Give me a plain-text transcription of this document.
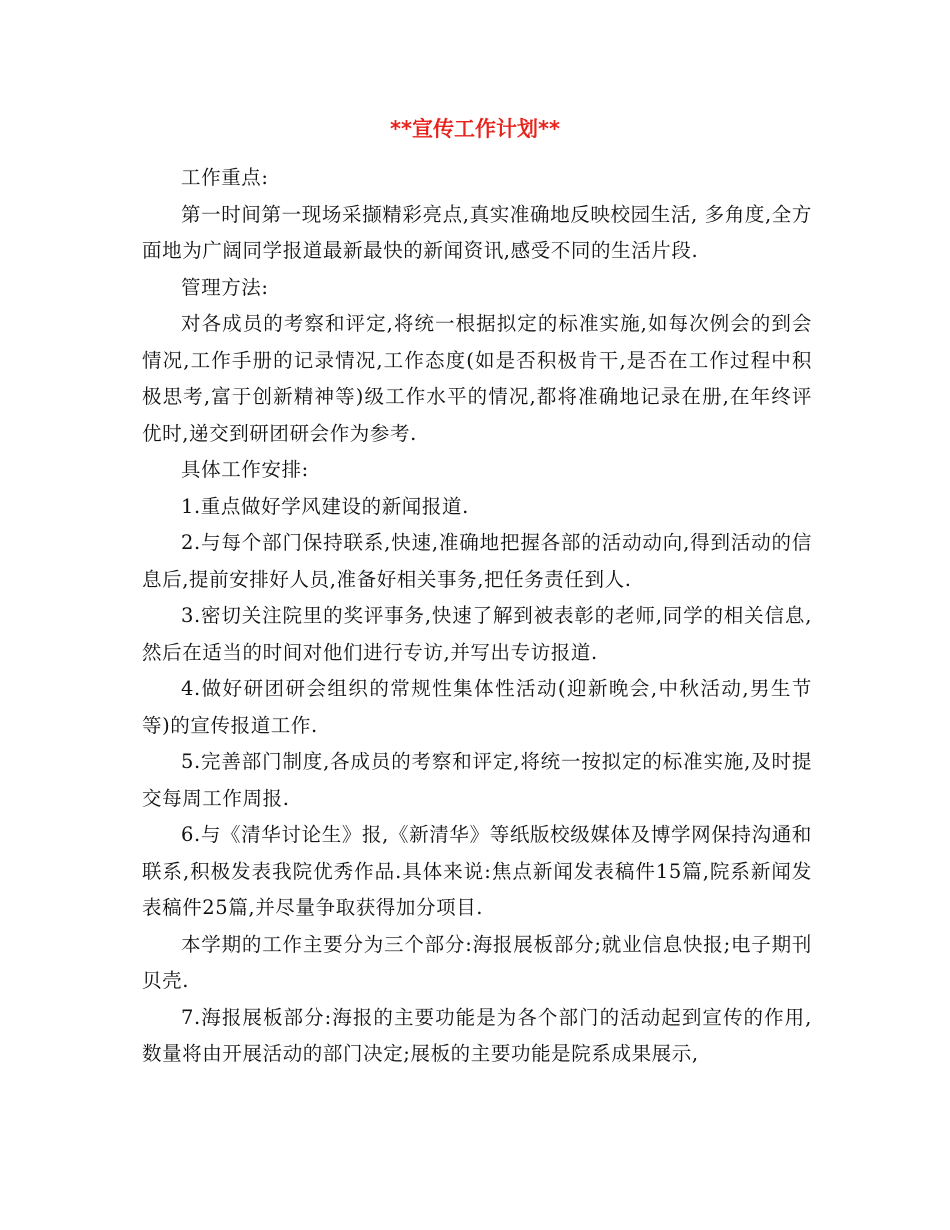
**宣传工作计划**

工作重点:

第一时间第一现场采撷精彩亮点,真实准确地反映校园生活, 多角度,全方面地为广阔同学报道最新最快的新闻资讯,感受不同的生活片段.

管理方法:

对各成员的考察和评定,将统一根据拟定的标准实施,如每次例会的到会情况,工作手册的记录情况,工作态度(如是否积极肯干,是否在工作过程中积极思考,富于创新精神等)级工作水平的情况,都将准确地记录在册,在年终评优时,递交到研团研会作为参考.

具体工作安排:

1.重点做好学风建设的新闻报道.

2.与每个部门保持联系,快速,准确地把握各部的活动动向,得到活动的信息后,提前安排好人员,准备好相关事务,把任务责任到人.

3.密切关注院里的奖评事务,快速了解到被表彰的老师,同学的相关信息,然后在适当的时间对他们进行专访,并写出专访报道.

4.做好研团研会组织的常规性集体性活动(迎新晚会,中秋活动,男生节等)的宣传报道工作.

5.完善部门制度,各成员的考察和评定,将统一按拟定的标准实施,及时提交每周工作周报.

6.与《清华讨论生》报,《新清华》等纸版校级媒体及博学网保持沟通和联系,积极发表我院优秀作品.具体来说:焦点新闻发表稿件15篇,院系新闻发表稿件25篇,并尽量争取获得加分项目.

本学期的工作主要分为三个部分:海报展板部分;就业信息快报;电子期刊贝壳.

7.海报展板部分:海报的主要功能是为各个部门的活动起到宣传的作用,数量将由开展活动的部门决定;展板的主要功能是院系成果展示,
